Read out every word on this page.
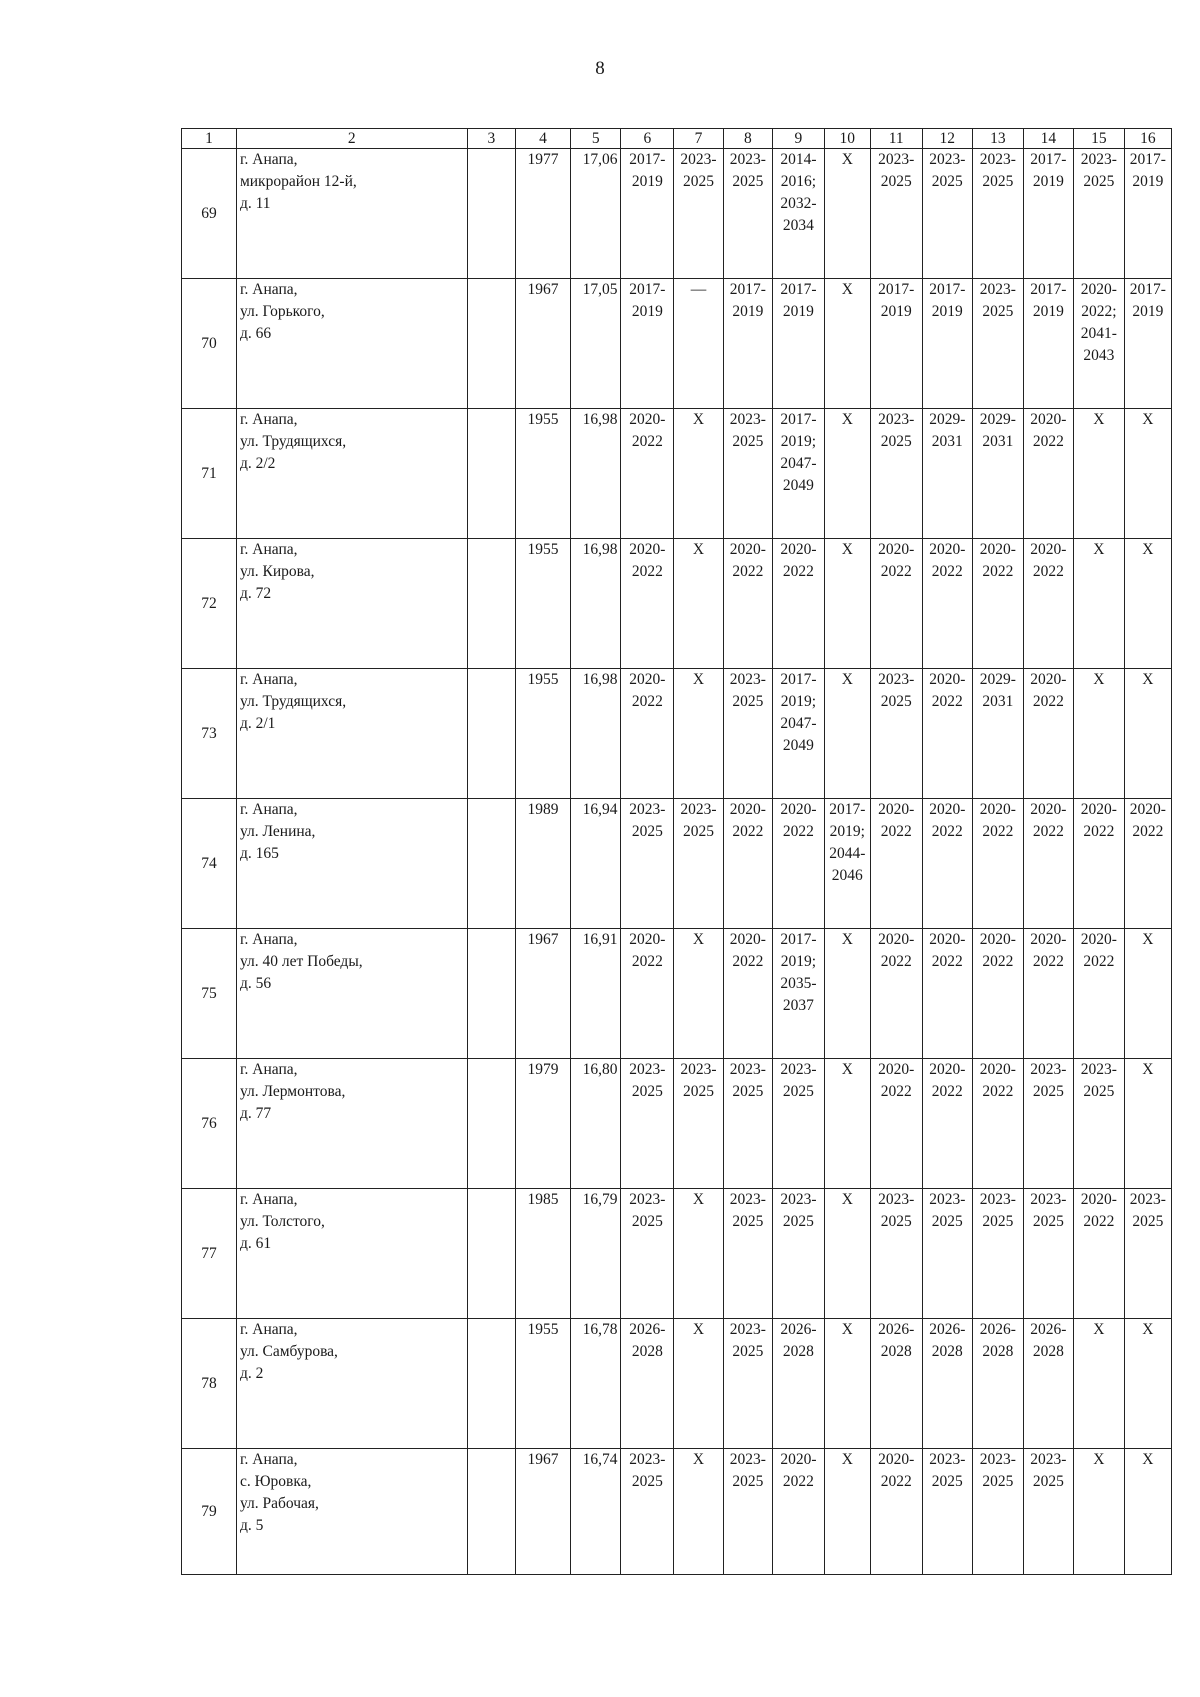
8
1	2	3	4	5	6	7	8	9	10	11	12	13	14	15	16
69	г. Анапа,
микрорайон 12-й,
д. 11		1977	17,06	2017-
2019	2023-
2025	2023-
2025	2014-
2016;
2032-
2034	Х	2023-
2025	2023-
2025	2023-
2025	2017-
2019	2023-
2025	2017-
2019

70	г. Анапа,
ул. Горького,
д. 66		1967	17,05	2017-
2019	—	2017-
2019	2017-
2019	Х	2017-
2019	2017-
2019	2023-
2025	2017-
2019	2020-
2022;
2041-
2043	2017-
2019

71	г. Анапа,
ул. Трудящихся,
д. 2/2		1955	16,98	2020-
2022	Х	2023-
2025	2017-
2019;
2047-
2049	Х	2023-
2025	2029-
2031	2029-
2031	2020-
2022	Х	Х

72	г. Анапа,
ул. Кирова,
д. 72		1955	16,98	2020-
2022	Х	2020-
2022	2020-
2022	Х	2020-
2022	2020-
2022	2020-
2022	2020-
2022	Х	Х

73	г. Анапа,
ул. Трудящихся,
д. 2/1		1955	16,98	2020-
2022	Х	2023-
2025	2017-
2019;
2047-
2049	Х	2023-
2025	2020-
2022	2029-
2031	2020-
2022	Х	Х

74	г. Анапа,
ул. Ленина,
д. 165		1989	16,94	2023-
2025	2023-
2025	2020-
2022	2020-
2022	2017-
2019;
2044-
2046	2020-
2022	2020-
2022	2020-
2022	2020-
2022	2020-
2022	2020-
2022

75	г. Анапа,
ул. 40 лет Победы,
д. 56		1967	16,91	2020-
2022	Х	2020-
2022	2017-
2019;
2035-
2037	Х	2020-
2022	2020-
2022	2020-
2022	2020-
2022	2020-
2022	Х

76	г. Анапа,
ул. Лермонтова,
д. 77		1979	16,80	2023-
2025	2023-
2025	2023-
2025	2023-
2025	Х	2020-
2022	2020-
2022	2020-
2022	2023-
2025	2023-
2025	Х

77	г. Анапа,
ул. Толстого,
д. 61		1985	16,79	2023-
2025	Х	2023-
2025	2023-
2025	Х	2023-
2025	2023-
2025	2023-
2025	2023-
2025	2020-
2022	2023-
2025

78	г. Анапа,
ул. Самбурова,
д. 2		1955	16,78	2026-
2028	Х	2023-
2025	2026-
2028	Х	2026-
2028	2026-
2028	2026-
2028	2026-
2028	Х	Х

79	г. Анапа,
с. Юровка,
ул. Рабочая,
д. 5		1967	16,74	2023-
2025	Х	2023-
2025	2020-
2022	Х	2020-
2022	2023-
2025	2023-
2025	2023-
2025	Х	Х
